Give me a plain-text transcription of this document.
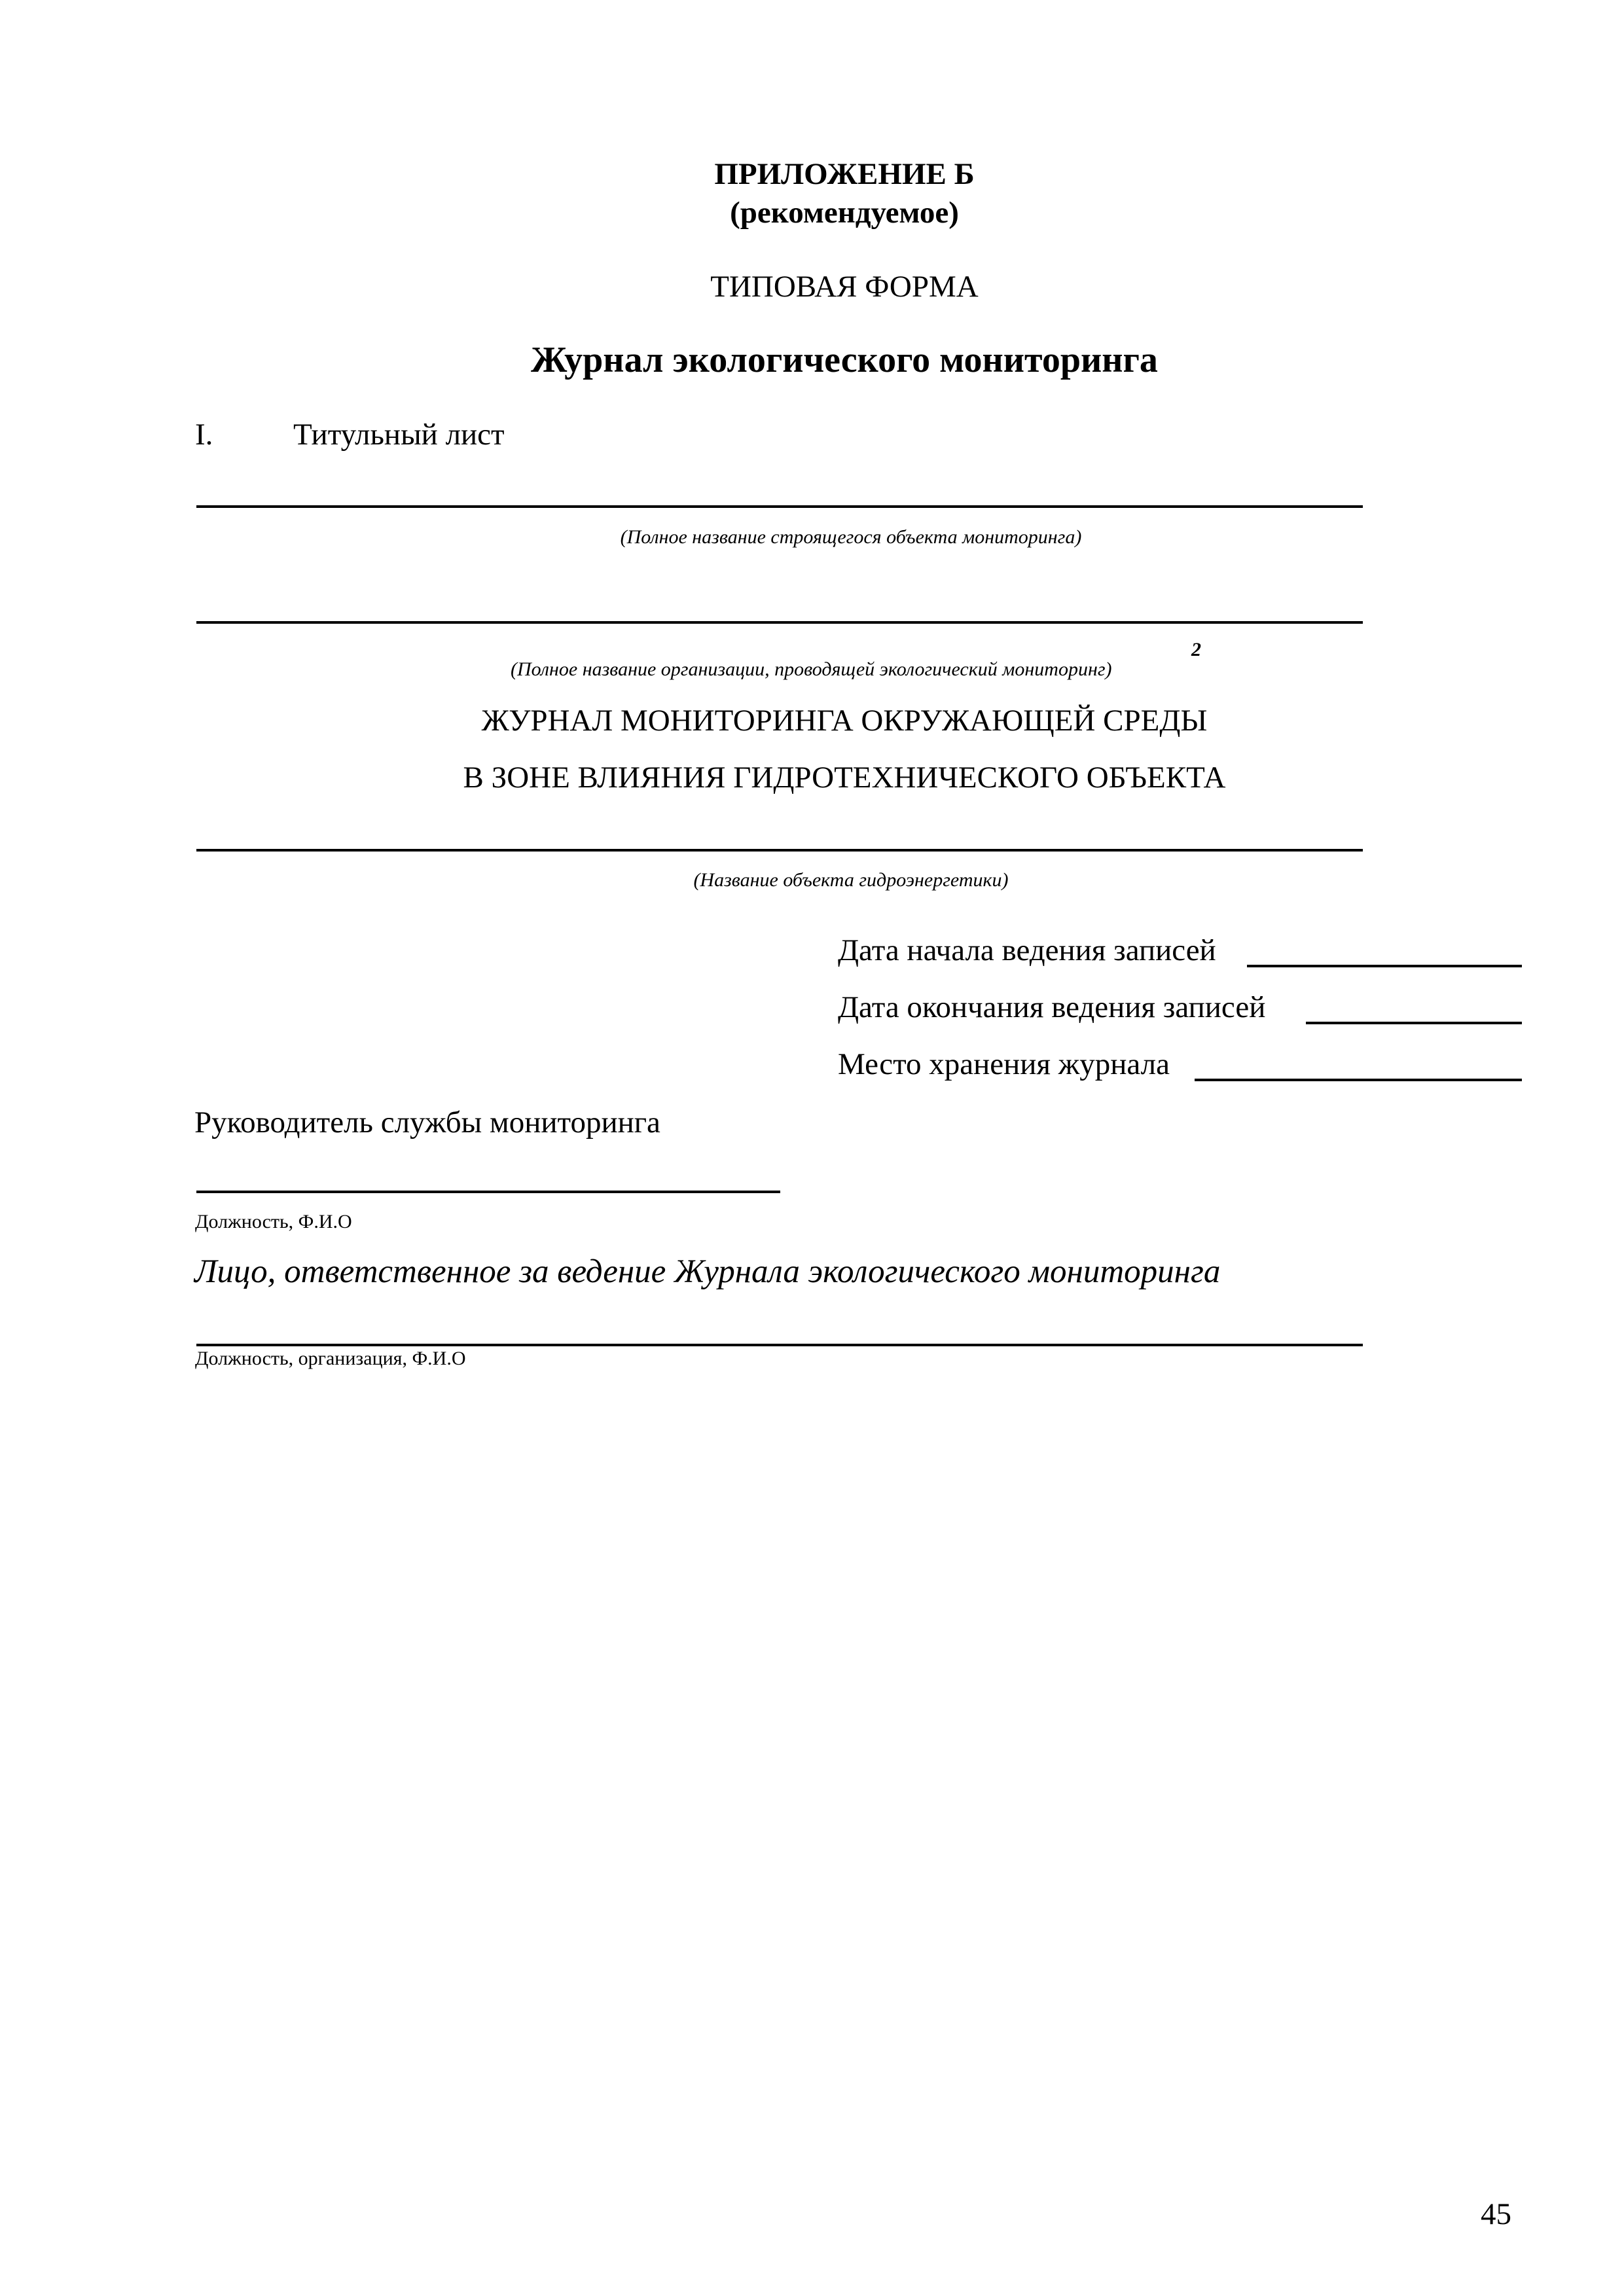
ПРИЛОЖЕНИЕ Б
(рекомендуемое)
ТИПОВАЯ ФОРМА
Журнал экологического мониторинга
I.	Титульный лист
(Полное название строящегося объекта мониторинга)
(Полное название организации, проводящей экологический мониторинг)
2
ЖУРНАЛ МОНИТОРИНГА ОКРУЖАЮЩЕЙ СРЕДЫ
В ЗОНЕ ВЛИЯНИЯ ГИДРОТЕХНИЧЕСКОГО ОБЪЕКТА
(Название объекта гидроэнергетики)
Дата начала ведения записей
Дата окончания ведения записей
Место хранения журнала
Руководитель службы мониторинга
Должность, Ф.И.О
Лицо, ответственное за ведение Журнала экологического мониторинга
Должность, организация, Ф.И.О
45
